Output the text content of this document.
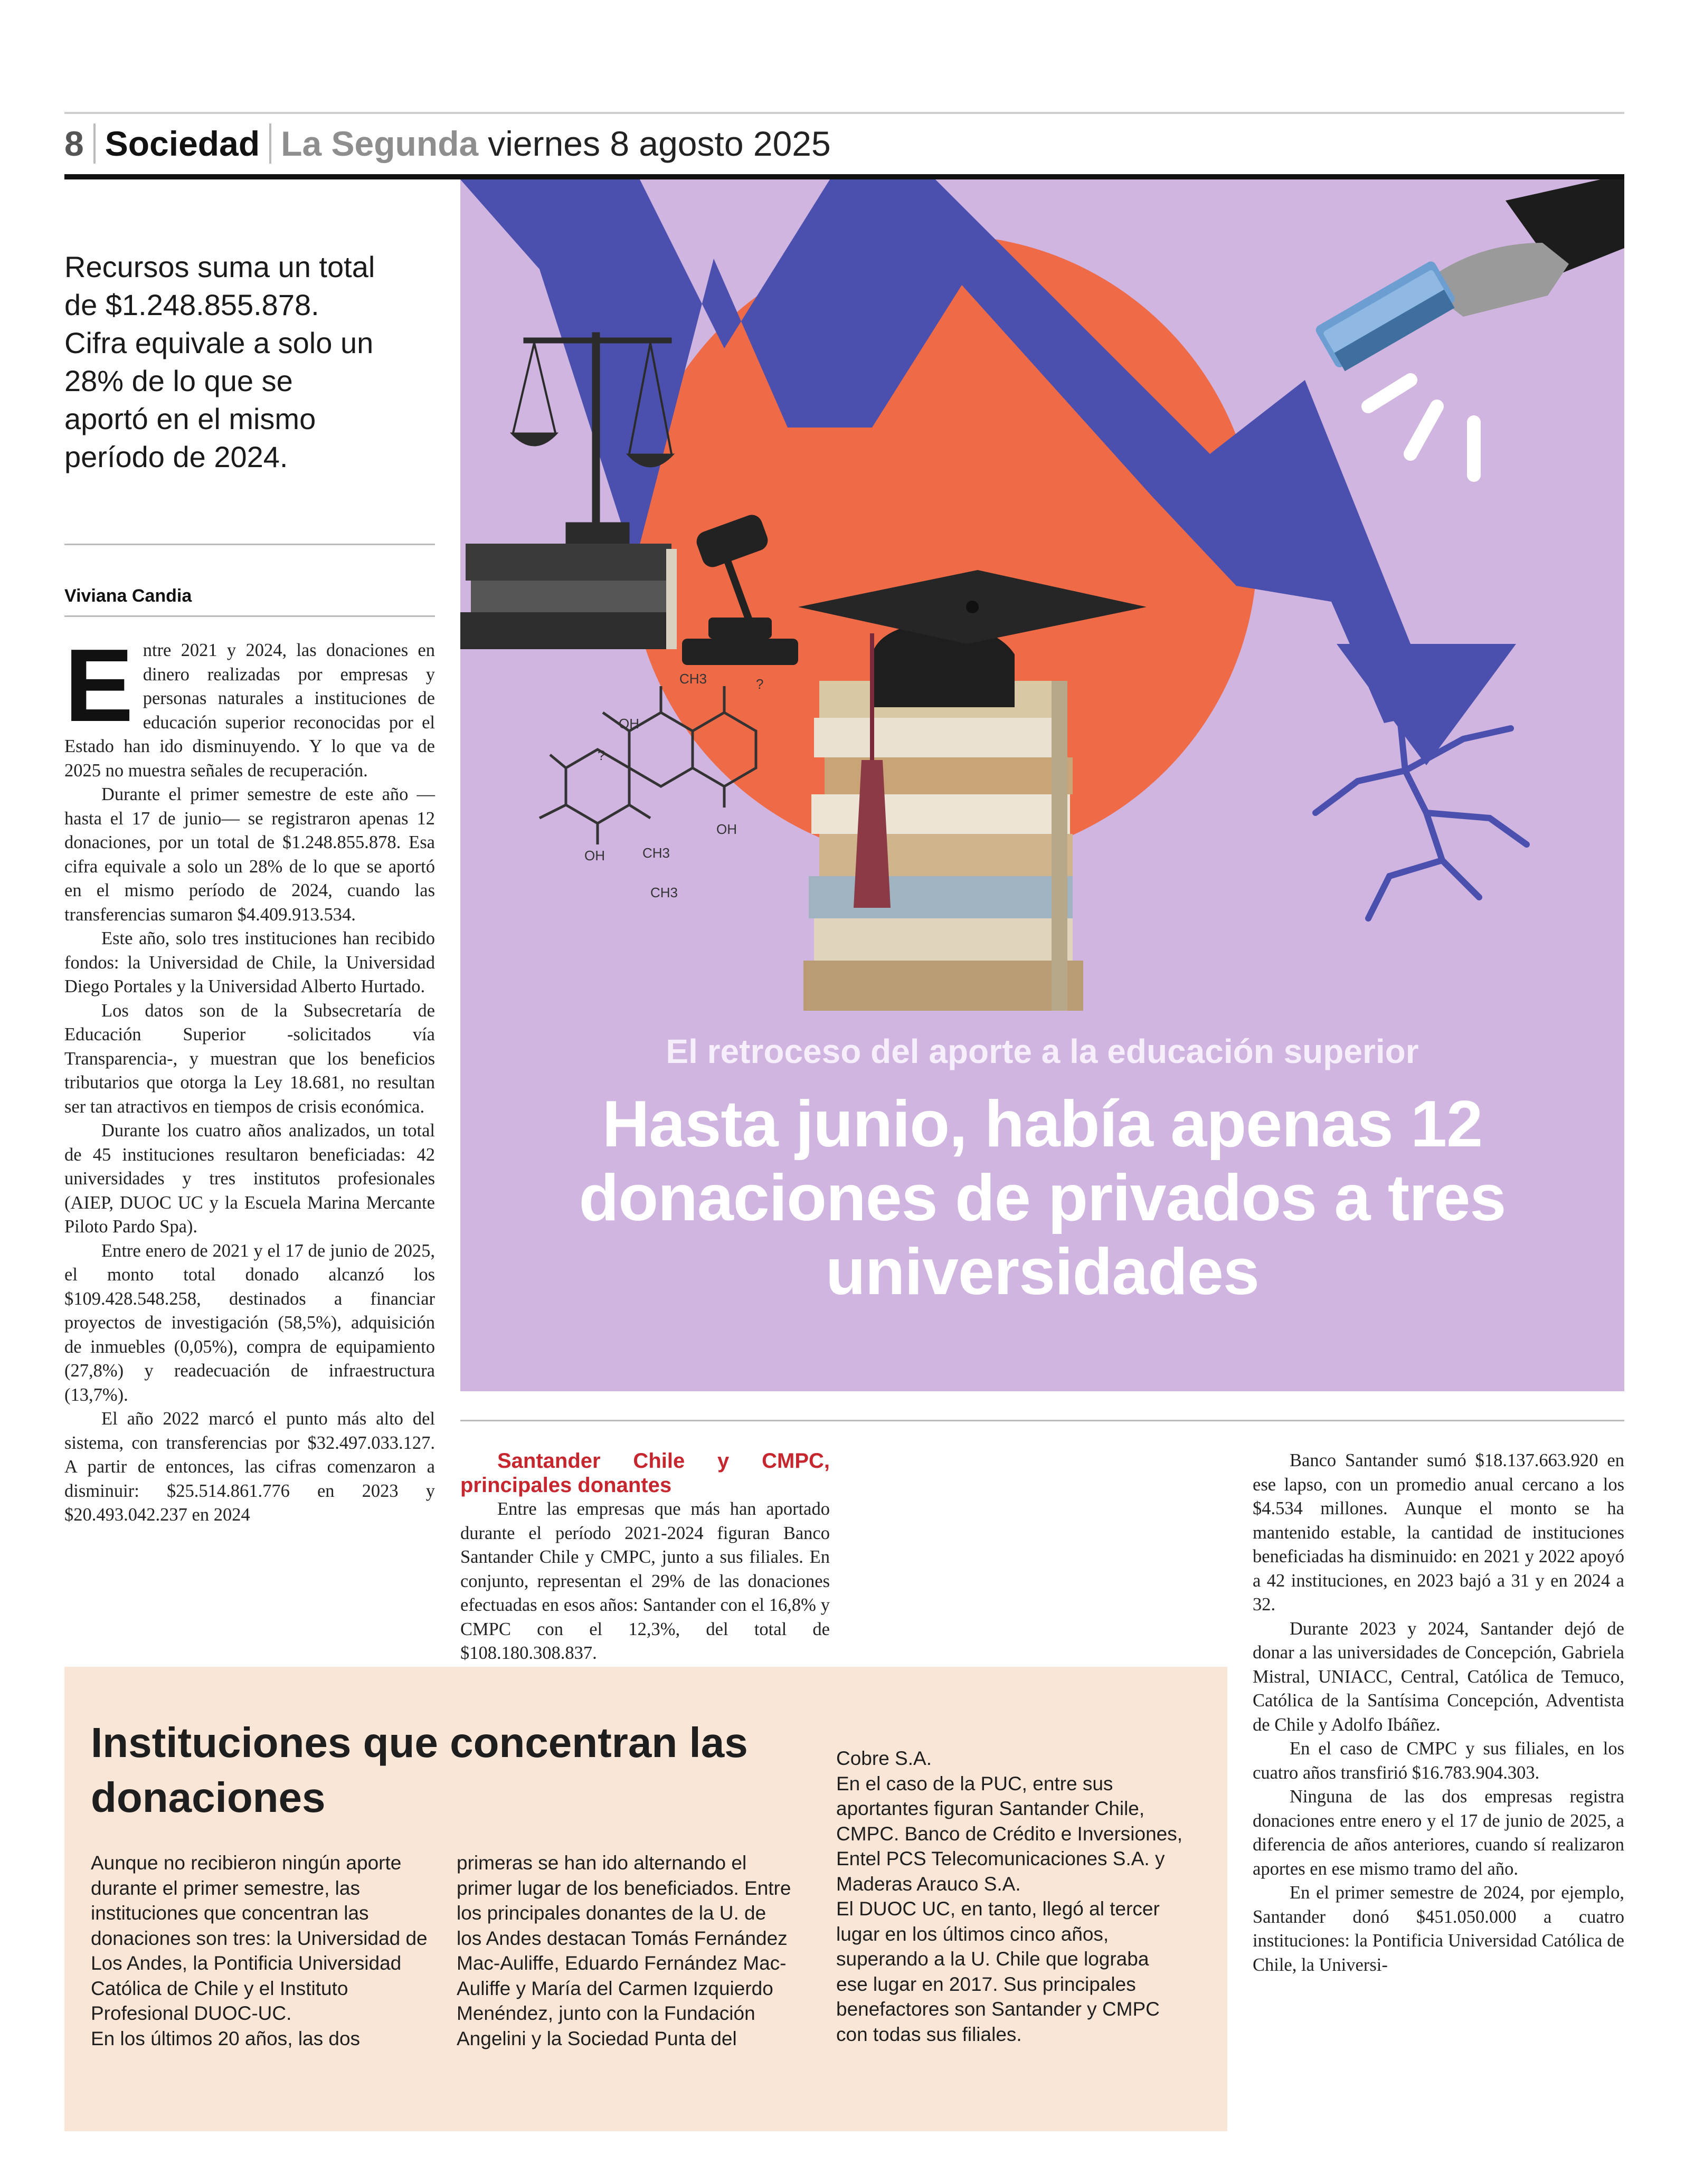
8 Sociedad La Segunda viernes 8 agosto 2025
Recursos suma un total de $1.248.855.878. Cifra equivale a solo un 28% de lo que se aportó en el mismo período de 2024.
Viviana Candia
CH3	?
OH
?
OH	CH3
OH
CH3
El retroceso del aporte a la educación superior
Hasta junio, había apenas 12 donaciones de privados a tres universidades

Entre 2021 y 2024, las donaciones en dinero realizadas por empresas y personas naturales a instituciones de educación superior reconocidas por el Estado han ido disminuyendo. Y lo que va de 2025 no muestra señales de recuperación.

Durante el primer semestre de este año —hasta el 17 de junio— se registraron apenas 12 donaciones, por un total de $1.248.855.878. Esa cifra equivale a solo un 28% de lo que se aportó en el mismo período de 2024, cuando las transferencias sumaron $4.409.913.534.

Este año, solo tres instituciones han recibido fondos: la Universidad de Chile, la Universidad Diego Portales y la Universidad Alberto Hurtado.

Los datos son de la Subsecretaría de Educación Superior -solicitados vía Transparencia-, y muestran que los beneficios tributarios que otorga la Ley 18.681, no resultan ser tan atractivos en tiempos de crisis económica.

Durante los cuatro años analizados, un total de 45 instituciones resultaron beneficiadas: 42 universidades y tres institutos profesionales (AIEP, DUOC UC y la Escuela Marina Mercante Piloto Pardo Spa).

Entre enero de 2021 y el 17 de junio de 2025, el monto total donado alcanzó los $109.428.548.258, destinados a financiar proyectos de investigación (58,5%), adquisición de inmuebles (0,05%), compra de equipamiento (27,8%) y readecuación de infraestructura (13,7%).

El año 2022 marcó el punto más alto del sistema, con transferencias por $32.497.033.127. A partir de entonces, las cifras comenzaron a disminuir: $25.514.861.776 en 2023 y $20.493.042.237 en 2024

Santander Chile y CMPC, principales donantes

Entre las empresas que más han aportado durante el período 2021-2024 figuran Banco Santander Chile y CMPC, junto a sus filiales. En conjunto, representan el 29% de las donaciones efectuadas en esos años: Santander con el 16,8% y CMPC con el 12,3%, del total de $108.180.308.837.

Banco Santander sumó $18.137.663.920 en ese lapso, con un promedio anual cercano a los $4.534 millones. Aunque el monto se ha mantenido estable, la cantidad de instituciones beneficiadas ha disminuido: en 2021 y 2022 apoyó a 42 instituciones, en 2023 bajó a 31 y en 2024 a 32.

Durante 2023 y 2024, Santander dejó de donar a las universidades de Concepción, Gabriela Mistral, UNIACC, Central, Católica de Temuco, Católica de la Santísima Concepción, Adventista de Chile y Adolfo Ibáñez.

En el caso de CMPC y sus filiales, en los cuatro años transfirió $16.783.904.303.

Ninguna de las dos empresas registra donaciones entre enero y el 17 de junio de 2025, a diferencia de años anteriores, cuando sí realizaron aportes en ese mismo tramo del año.

En el primer semestre de 2024, por ejemplo, Santander donó $451.050.000 a cuatro instituciones: la Pontificia Universidad Católica de Chile, la Universi-

Instituciones que concentran las donaciones
Aunque no recibieron ningún aporte durante el primer semestre, las instituciones que concentran las donaciones son tres: la Universidad de Los Andes, la Pontificia Universidad Católica de Chile y el Instituto Profesional DUOC-UC.
En los últimos 20 años, las dos
primeras se han ido alternando el primer lugar de los beneficiados. Entre los principales donantes de la U. de los Andes destacan Tomás Fernández Mac-Auliffe, Eduardo Fernández Mac-Auliffe y María del Carmen Izquierdo Menéndez, junto con la Fundación Angelini y la Sociedad Punta del
Cobre S.A.
En el caso de la PUC, entre sus aportantes figuran Santander Chile, CMPC. Banco de Crédito e Inversiones, Entel PCS Telecomunicaciones S.A. y Maderas Arauco S.A.
El DUOC UC, en tanto, llegó al tercer lugar en los últimos cinco años, superando a la U. Chile que lograba ese lugar en 2017. Sus principales benefactores son Santander y CMPC con todas sus filiales.
